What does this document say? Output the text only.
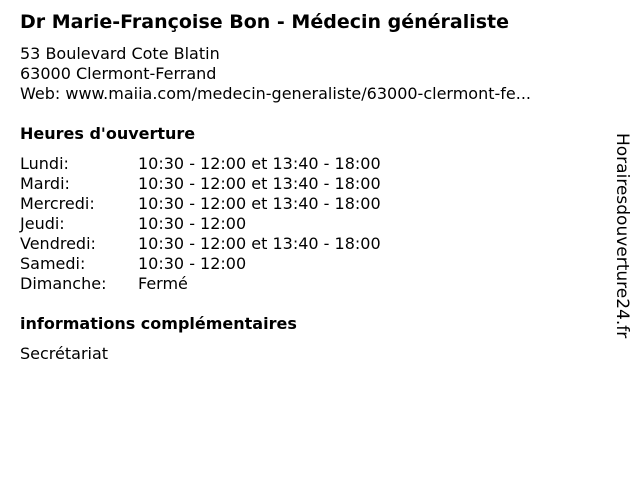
Dr Marie-Françoise Bon - Médecin généraliste
53 Boulevard Cote Blatin
63000 Clermont-Ferrand
Web: www.maiia.com/medecin-generaliste/63000-clermont-fe...
Heures d'ouverture
Lundi:	10:30 - 12:00 et 13:40 - 18:00
Mardi:	10:30 - 12:00 et 13:40 - 18:00
Mercredi:	10:30 - 12:00 et 13:40 - 18:00
Jeudi:	10:30 - 12:00
Vendredi:	10:30 - 12:00 et 13:40 - 18:00
Samedi:	10:30 - 12:00
Dimanche:	Fermé
informations complémentaires
Secrétariat
Horairesdouverture24.fr
